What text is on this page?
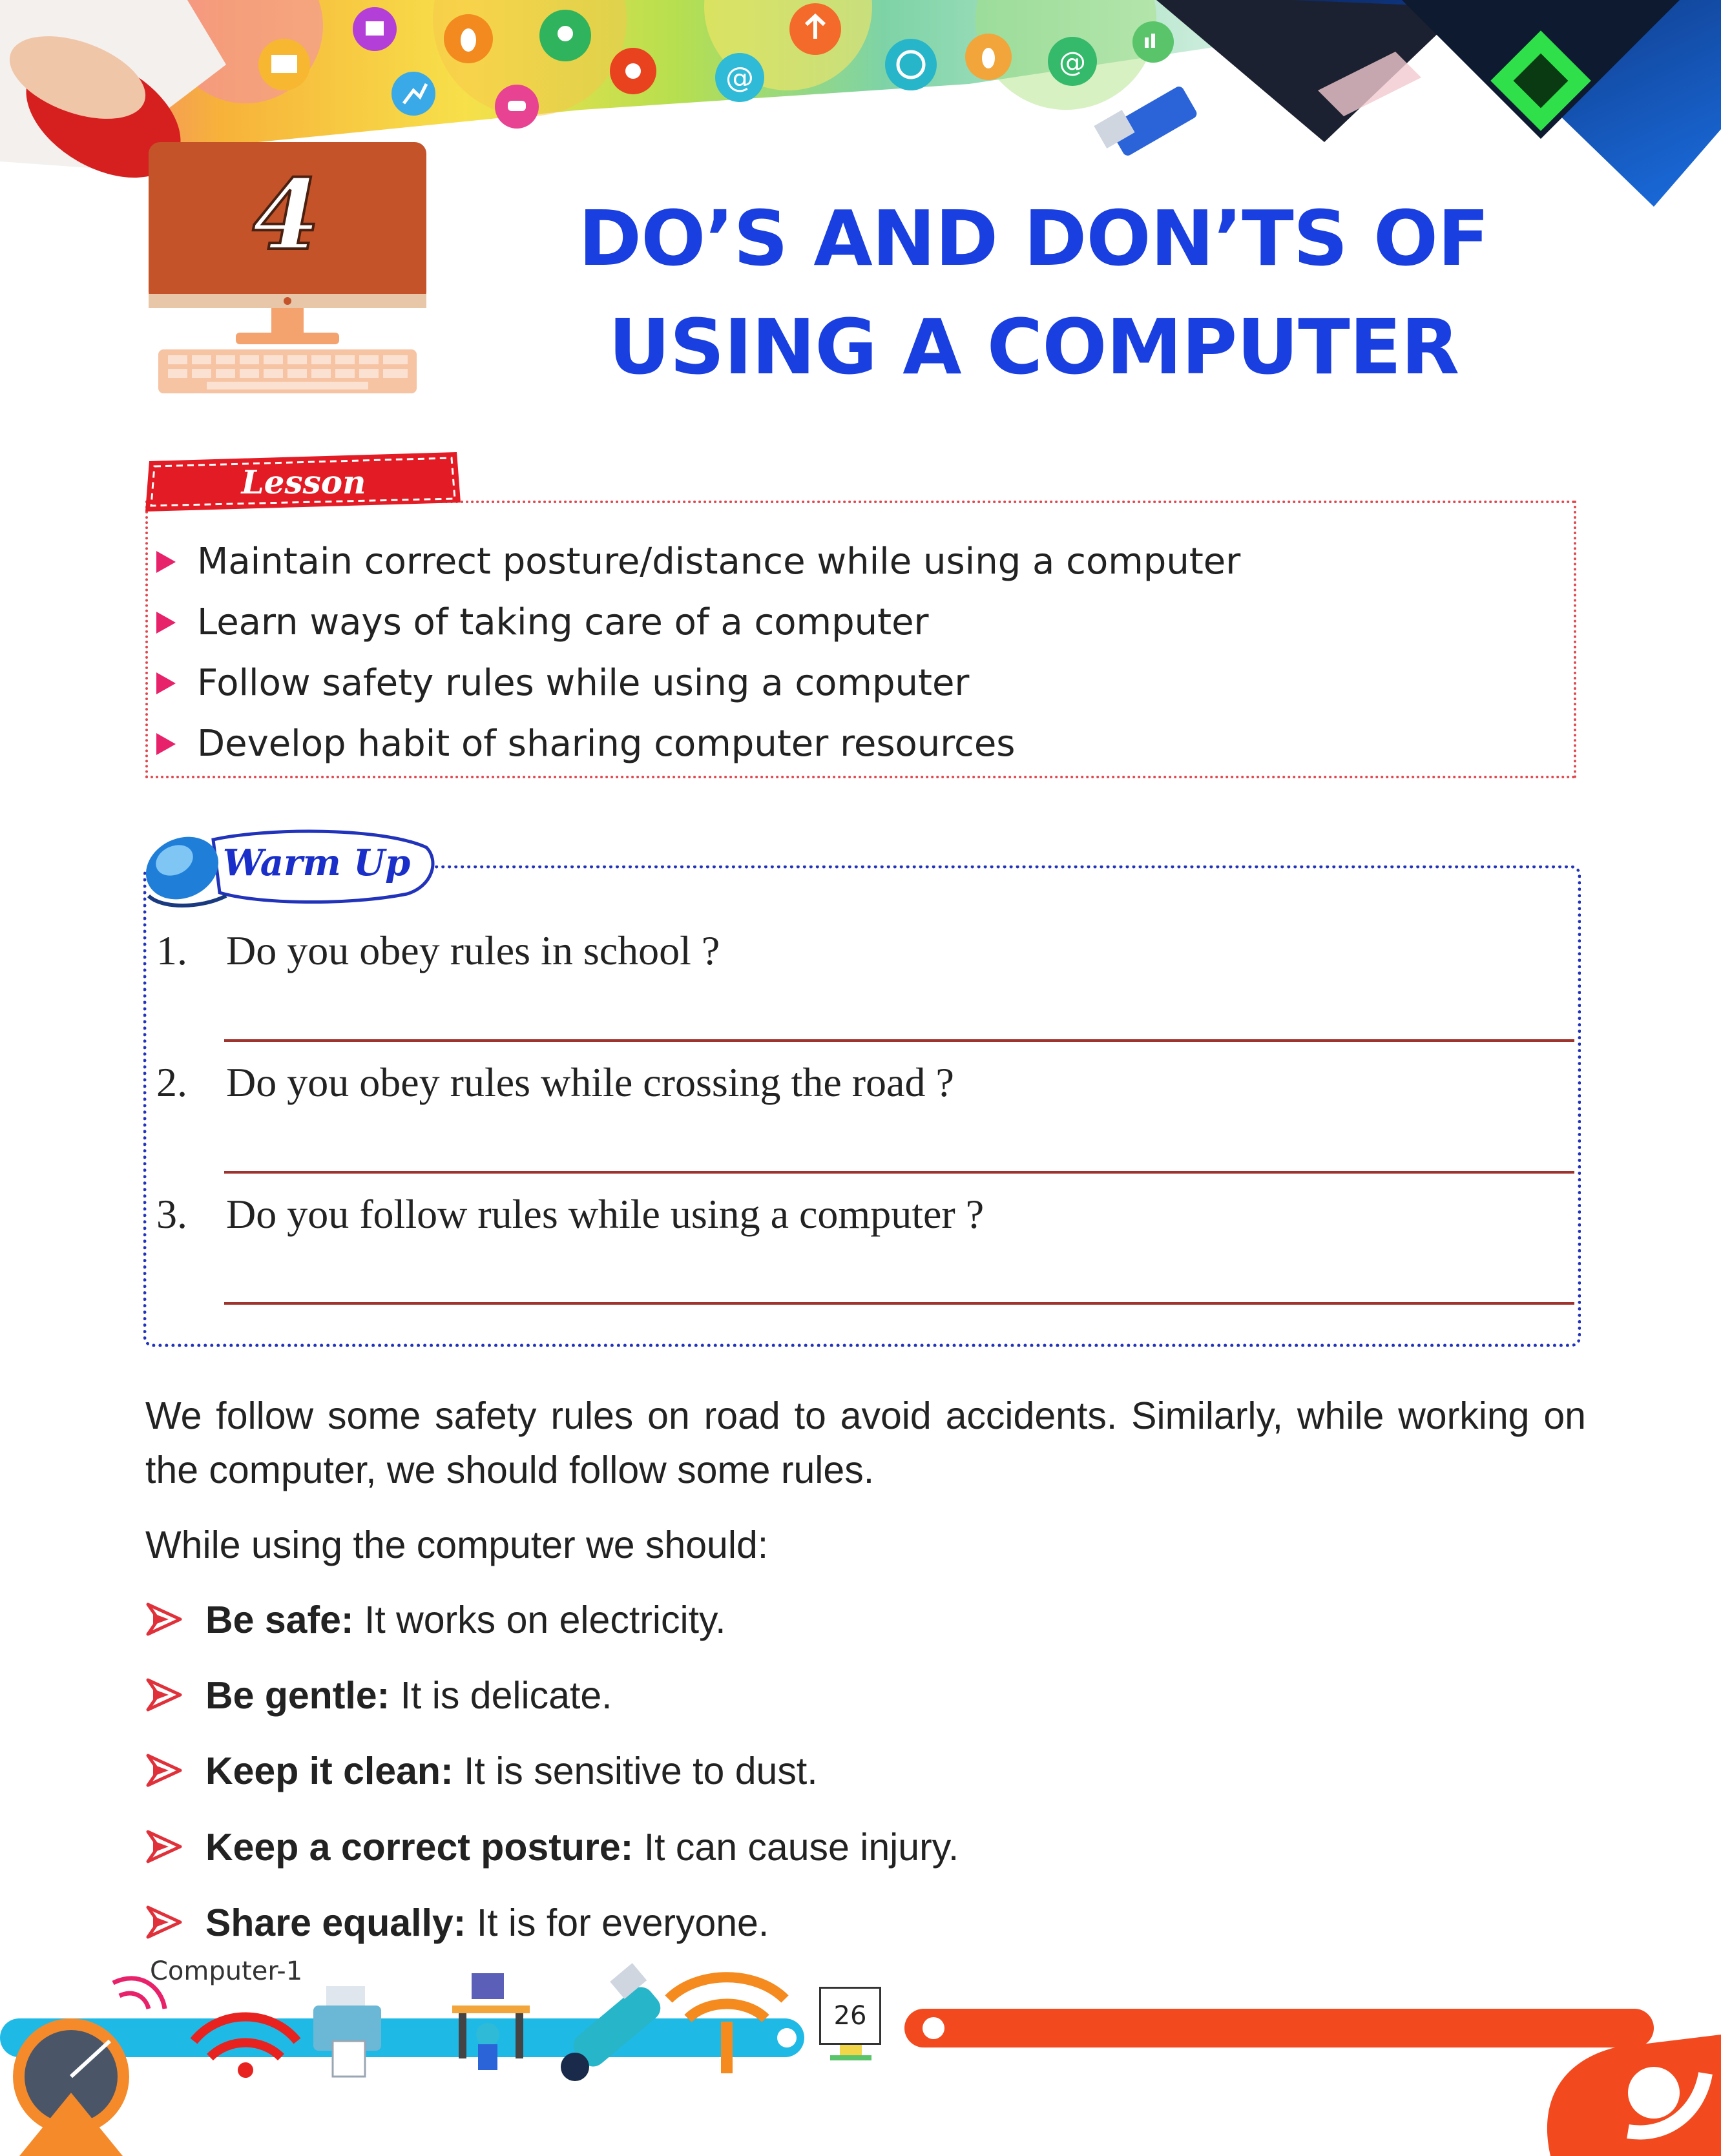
@	@
4	DO’S AND DON’TS OF
USING A COMPUTER
Lesson Objective
Maintain correct posture/distance while using a computer
Learn ways of taking care of a computer
Follow safety rules while using a computer
Develop habit of sharing computer resources
Warm Up
1. Do you obey rules in school ?
2. Do you obey rules while crossing the road ?
3. Do you follow rules while using a computer ?
We follow some safety rules on road to avoid accidents. Similarly, while working on the computer, we should follow some rules.
While using the computer we should:
Be safe: It works on electricity.
Be gentle: It is delicate.
Keep it clean: It is sensitive to dust.
Keep a correct posture: It can cause injury.
Share equally: It is for everyone.
Computer-1
26
